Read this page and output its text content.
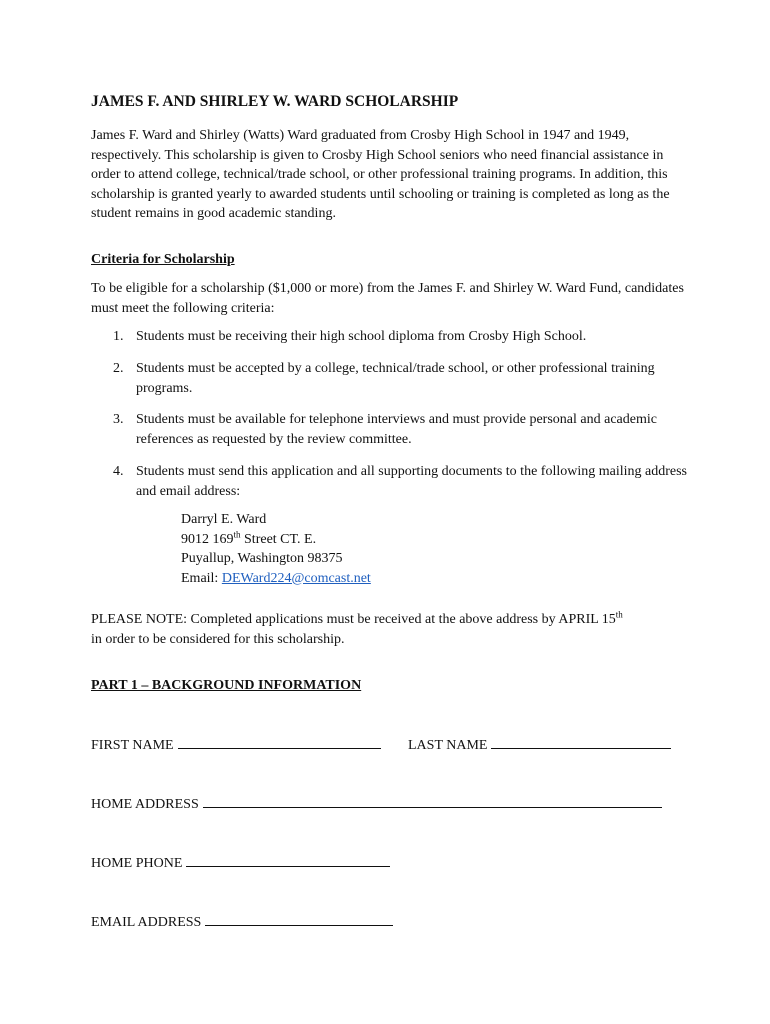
JAMES F. AND SHIRLEY W. WARD SCHOLARSHIP

James F. Ward and Shirley (Watts) Ward graduated from Crosby High School in 1947 and 1949, respectively. This scholarship is given to Crosby High School seniors who need financial assistance in order to attend college, technical/trade school, or other professional training programs. In addition, this scholarship is granted yearly to awarded students until schooling or training is completed as long as the student remains in good academic standing.

Criteria for Scholarship

To be eligible for a scholarship ($1,000 or more) from the James F. and Shirley W. Ward Fund, candidates must meet the following criteria:

1. Students must be receiving their high school diploma from Crosby High School.
2. Students must be accepted by a college, technical/trade school, or other professional training programs.
3. Students must be available for telephone interviews and must provide personal and academic references as requested by the review committee.
4. Students must send this application and all supporting documents to the following mailing address and email address:
Darryl E. Ward
9012 169th Street CT. E.
Puyallup, Washington 98375
Email: DEWard224@comcast.net

PLEASE NOTE: Completed applications must be received at the above address by APRIL 15th
in order to be considered for this scholarship.

PART 1 – BACKGROUND INFORMATION
FIRST NAME	LAST NAME
HOME ADDRESS
HOME PHONE
EMAIL ADDRESS
